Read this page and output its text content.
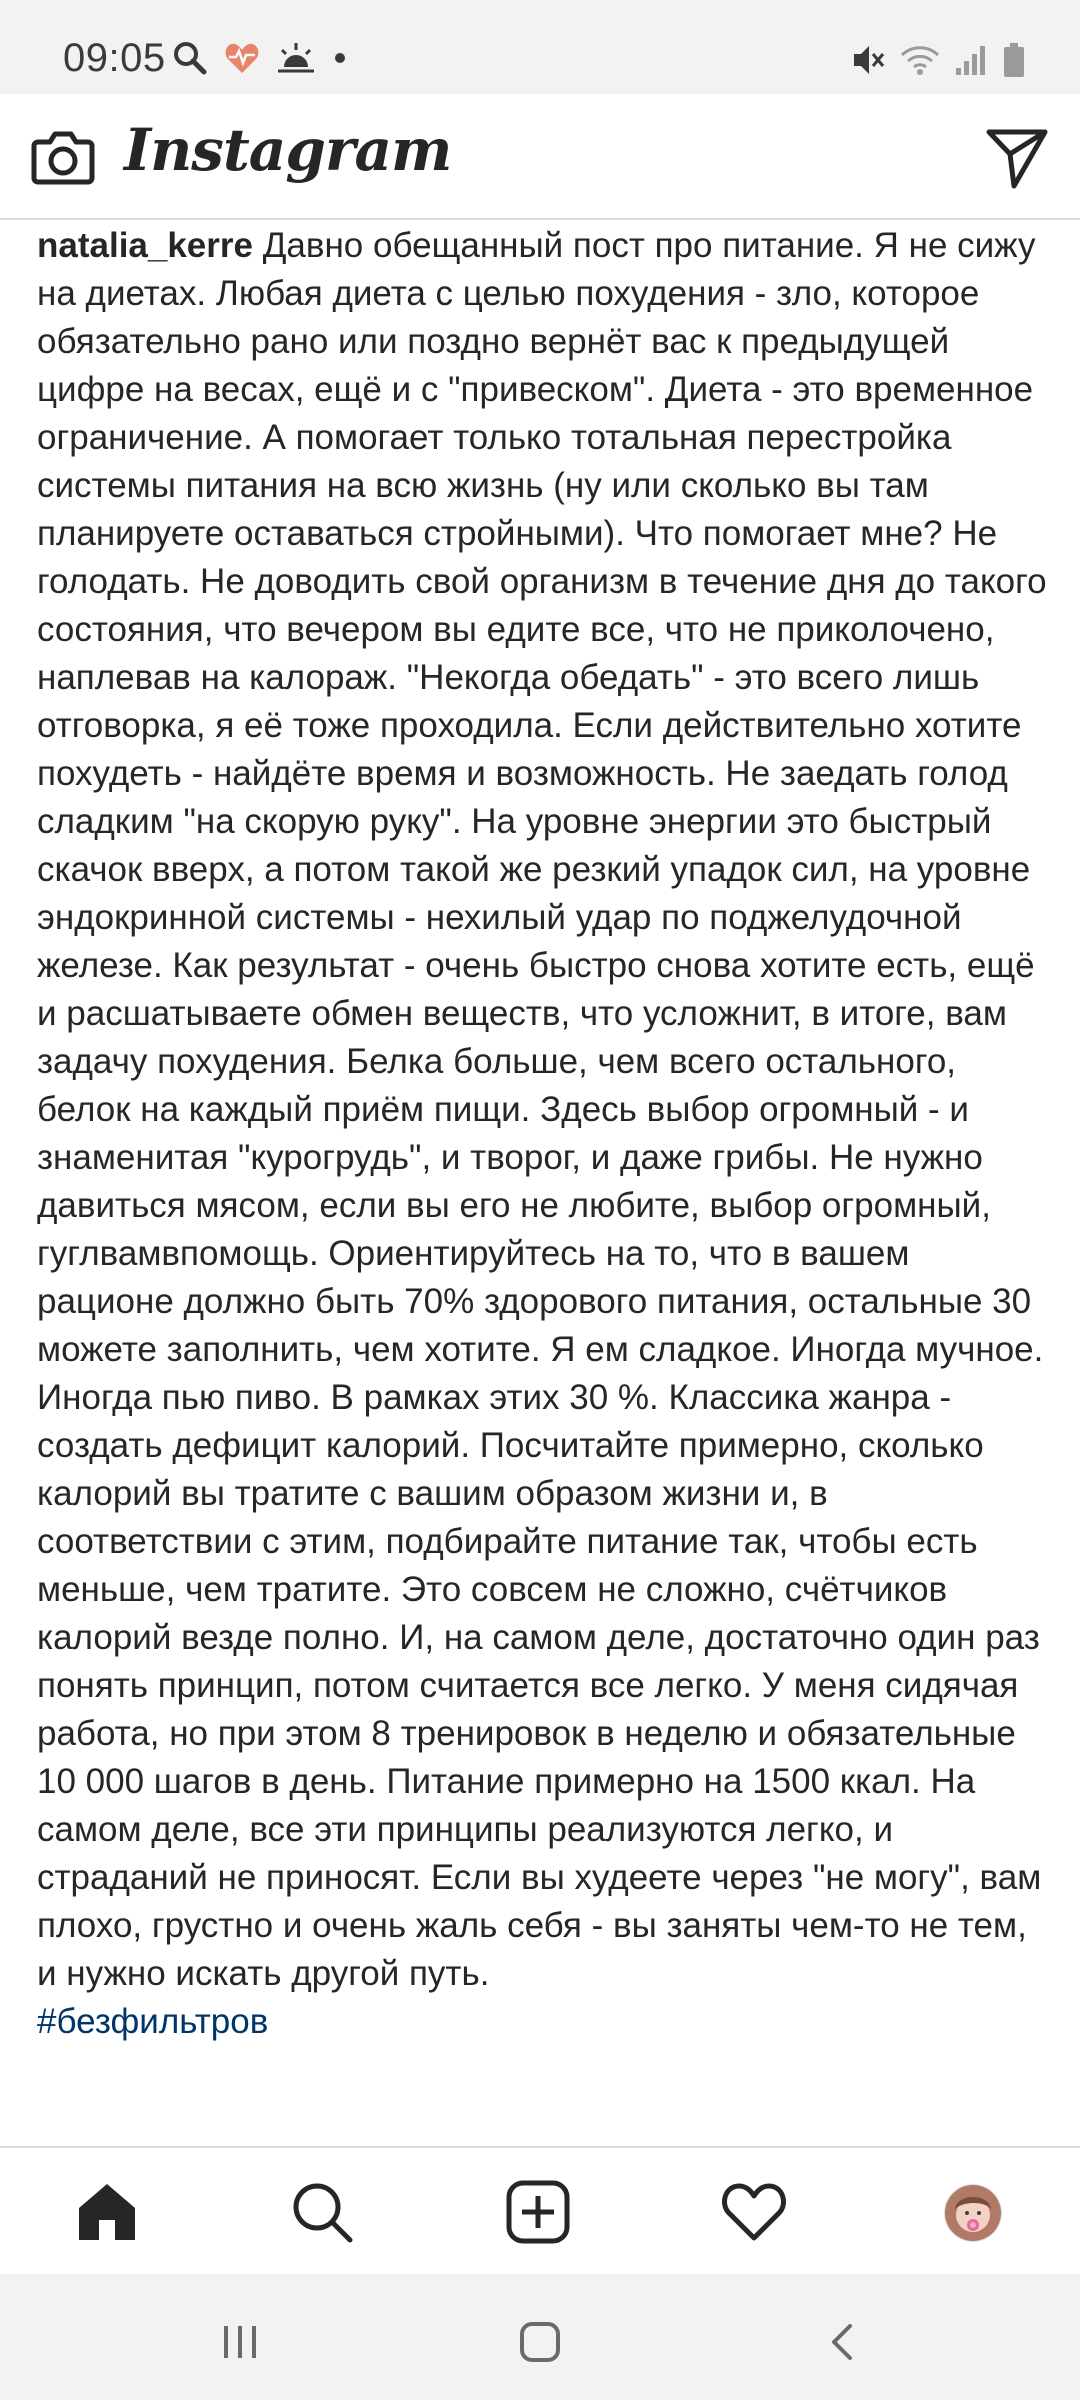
09:05
Instagram
natalia_kerre Давно обещанный пост про питание. Я не сижу на диетах. Любая диета с целью похудения - зло, которое обязательно рано или поздно вернёт вас к предыдущей цифре на весах, ещё и с "привеском". Диета - это временное ограничение. А помогает только тотальная перестройка системы питания на всю жизнь (ну или сколько вы там планируете оставаться стройными). Что помогает мне? Не голодать. Не доводить свой организм в течение дня до такого состояния, что вечером вы едите все, что не приколочено, наплевав на калораж. "Некогда обедать" - это всего лишь отговорка, я её тоже проходила. Если действительно хотите похудеть - найдёте время и возможность. Не заедать голод сладким "на скорую руку". На уровне энергии это быстрый скачок вверх, а потом такой же резкий упадок сил, на уровне эндокринной системы - нехилый удар по поджелудочной железе. Как результат - очень быстро снова хотите есть, ещё и расшатываете обмен веществ, что усложнит, в итоге, вам задачу похудения. Белка больше, чем всего остального, белок на каждый приём пищи. Здесь выбор огромный - и знаменитая "курогрудь", и творог, и даже грибы. Не нужно давиться мясом, если вы его не любите, выбор огромный, гуглвамвпомощь. Ориентируйтесь на то, что в вашем рационе должно быть 70% здорового питания, остальные 30 можете заполнить, чем хотите. Я ем сладкое. Иногда мучное. Иногда пью пиво. В рамках этих 30 %. Классика жанра - создать дефицит калорий. Посчитайте примерно, сколько калорий вы тратите с вашим образом жизни и, в соответствии с этим, подбирайте питание так, чтобы есть меньше, чем тратите. Это совсем не сложно, счётчиков калорий везде полно. И, на самом деле, достаточно один раз понять принцип, потом считается все легко. У меня сидячая работа, но при этом 8 тренировок в неделю и обязательные 10 000 шагов в день. Питание примерно на 1500 ккал. На самом деле, все эти принципы реализуются легко, и страданий не приносят. Если вы худеете через "не могу", вам плохо, грустно и очень жаль себя - вы заняты чем-то не тем, и нужно искать другой путь.
#безфильтров
